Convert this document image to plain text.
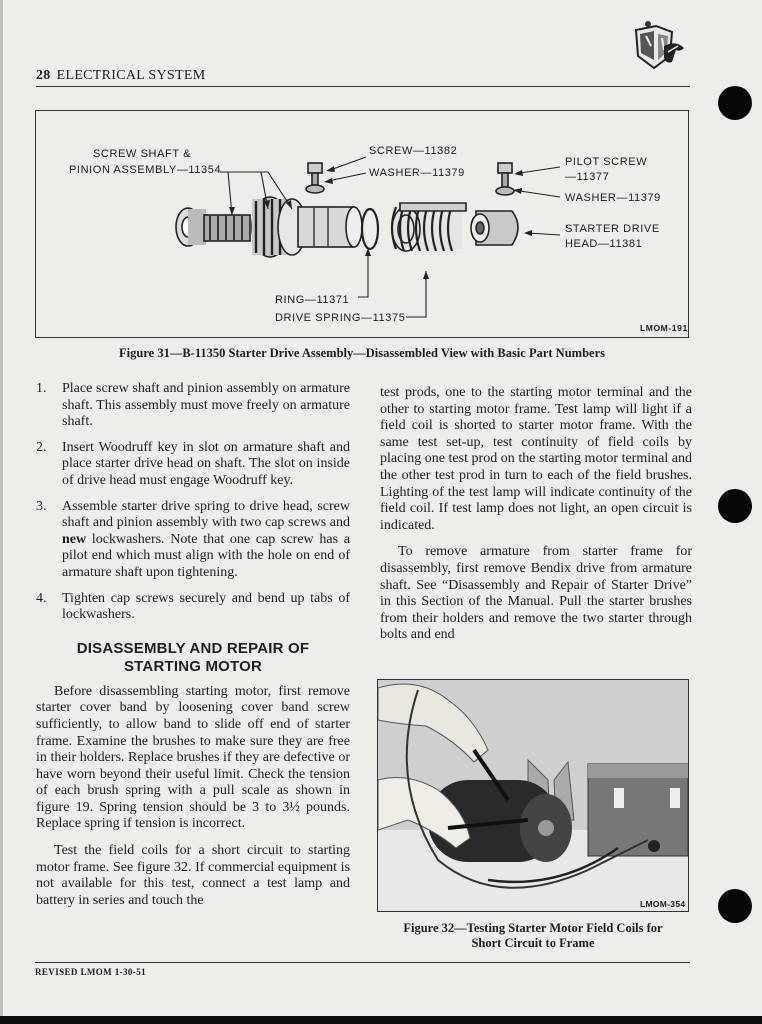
28 ELECTRICAL SYSTEM
SCREW SHAFT &
PINION ASSEMBLY—11354
SCREW—11382
WASHER—11379
PILOT SCREW
—11377
WASHER—11379
STARTER DRIVE
HEAD—11381
RING—11371
DRIVE SPRING—11375
LMOM-191
Figure 31—B-11350 Starter Drive Assembly—Disassembled View with Basic Part Numbers
1. Place screw shaft and pinion assembly on armature shaft. This assembly must move freely on armature shaft.
2. Insert Woodruff key in slot on armature shaft and place starter drive head on shaft. The slot on inside of drive head must engage Woodruff key.
3. Assemble starter drive spring to drive head, screw shaft and pinion assembly with two cap screws and new lockwashers. Note that one cap screw has a pilot end which must align with the hole on end of armature shaft upon tightening.
4. Tighten cap screws securely and bend up tabs of lockwashers.
DISASSEMBLY AND REPAIR OF
STARTING MOTOR

Before disassembling starting motor, first remove starter cover band by loosening cover band screw sufficiently, to allow band to slide off end of starter frame. Examine the brushes to make sure they are free in their holders. Replace brushes if they are defective or have worn beyond their useful limit. Check the tension of each brush spring with a pull scale as shown in figure 19. Spring tension should be 3 to 3½ pounds. Replace spring if tension is incorrect.

Test the field coils for a short circuit to starting motor frame. See figure 32. If commercial equipment is not available for this test, connect a test lamp and battery in series and touch the

test prods, one to the starting motor terminal and the other to starting motor frame. Test lamp will light if a field coil is shorted to starter motor frame. With the same test set-up, test continuity of field coils by placing one test prod on the starting motor terminal and the other test prod in turn to each of the field brushes. Lighting of the test lamp will indicate continuity of the field coil. If test lamp does not light, an open circuit is indicated.

To remove armature from starter frame for disassembly, first remove Bendix drive from armature shaft. See “Disassembly and Repair of Starter Drive” in this Section of the Manual. Pull the starter brushes from their holders and remove the two starter through bolts and end

LMOM-354
Figure 32—Testing Starter Motor Field Coils for
Short Circuit to Frame
REVISED LMOM 1-30-51
